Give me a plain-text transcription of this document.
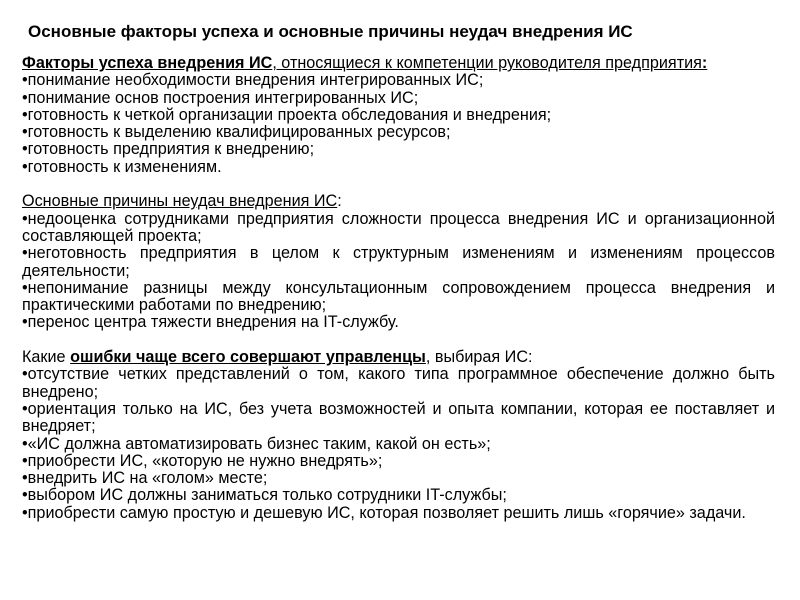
Основные факторы успеха и основные причины неудач внедрения ИС

Факторы успеха внедрения ИС, относящиеся к компетенции руководителя предприятия:

•понимание необходимости внедрения интегрированных ИС;
•понимание основ построения интегрированных ИС;
•готовность к четкой организации проекта обследования и внедрения;
•готовность к выделению квалифицированных ресурсов;
•готовность предприятия к внедрению;
•готовность к изменениям.

Основные причины неудач внедрения ИС:

•недооценка сотрудниками предприятия сложности процесса внедрения ИС и организационной составляющей проекта;
•неготовность предприятия в целом к структурным изменениям и изменениям процессов деятельности;
•непонимание разницы между консультационным сопровождением процесса внедрения и практическими работами по внедрению;
•перенос центра тяжести внедрения на IT-службу.

Какие ошибки чаще всего совершают управленцы, выбирая ИС:

•отсутствие четких представлений о том, какого типа программное обеспечение должно быть внедрено;
•ориентация только на ИС, без учета возможностей и опыта компании, которая ее поставляет и внедряет;
•«ИС должна автоматизировать бизнес таким, какой он есть»;
•приобрести ИС, «которую не нужно внедрять»;
•внедрить ИС на «голом» месте;
•выбором ИС должны заниматься только сотрудники IT-службы;
•приобрести самую простую и дешевую ИС, которая позволяет решить лишь «горячие» задачи.
